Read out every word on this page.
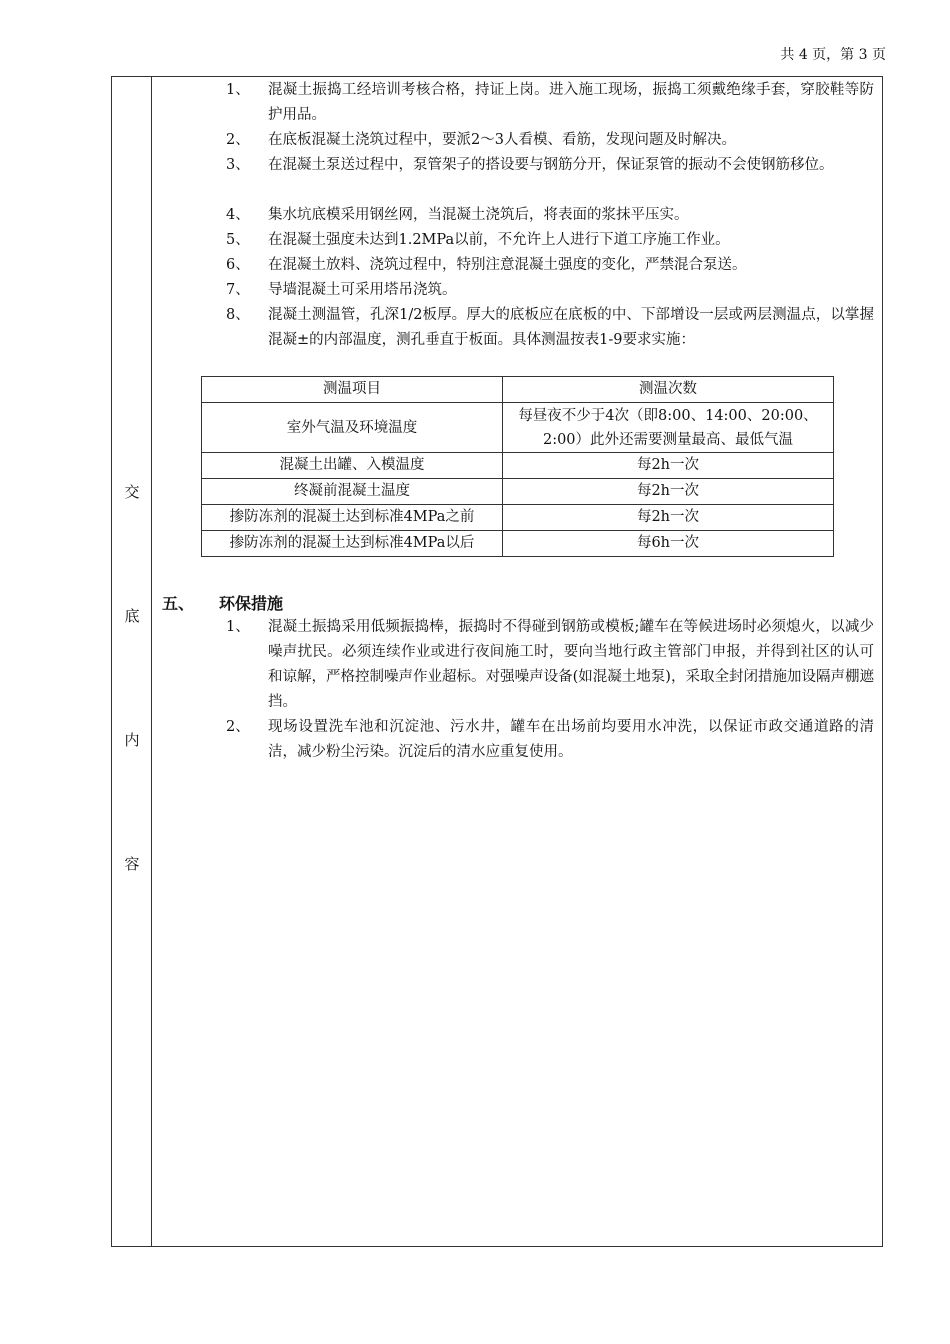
共 4 页，第 3 页
交
底
内
容
1、 混凝土振捣工经培训考核合格，持证上岗。进入施工现场，振捣工须戴绝缘手套，穿胶鞋等防护用品。
2、 在底板混凝土浇筑过程中，要派2～3人看模、看筋，发现问题及时解决。
3、 在混凝土泵送过程中，泵管架子的搭设要与钢筋分开，保证泵管的振动不会使钢筋移位。
4、 集水坑底模采用钢丝网，当混凝土浇筑后，将表面的浆抹平压实。
5、 在混凝土强度未达到1.2MPa以前，不允许上人进行下道工序施工作业。
6、 在混凝土放料、浇筑过程中，特别注意混凝土强度的变化，严禁混合泵送。
7、 导墙混凝土可采用塔吊浇筑。
8、 混凝土测温管，孔深1/2板厚。厚大的底板应在底板的中、下部增设一层或两层测温点，以掌握混凝±的内部温度，测孔垂直于板面。具体测温按表1-9要求实施：
测温项目	测温次数
室外气温及环境温度	每昼夜不少于4次（即8:00、14:00、20:00、2:00）此外还需要测量最高、最低气温
混凝土出罐、入模温度	每2h一次
终凝前混凝土温度	每2h一次
掺防冻剂的混凝土达到标准4MPa之前	每2h一次
掺防冻剂的混凝土达到标准4MPa以后	每6h一次
五、 环保措施
1、 混凝土振捣采用低频振捣棒，振捣时不得碰到钢筋或模板;罐车在等候进场时必须熄火，以减少噪声扰民。必须连续作业或进行夜间施工时，要向当地行政主管部门申报，并得到社区的认可和谅解，严格控制噪声作业超标。对强噪声设备(如混凝土地泵)，采取全封闭措施加设隔声棚遮挡。
2、 现场设置洗车池和沉淀池、污水井，罐车在出场前均要用水冲洗，以保证市政交通道路的清洁，减少粉尘污染。沉淀后的清水应重复使用。
